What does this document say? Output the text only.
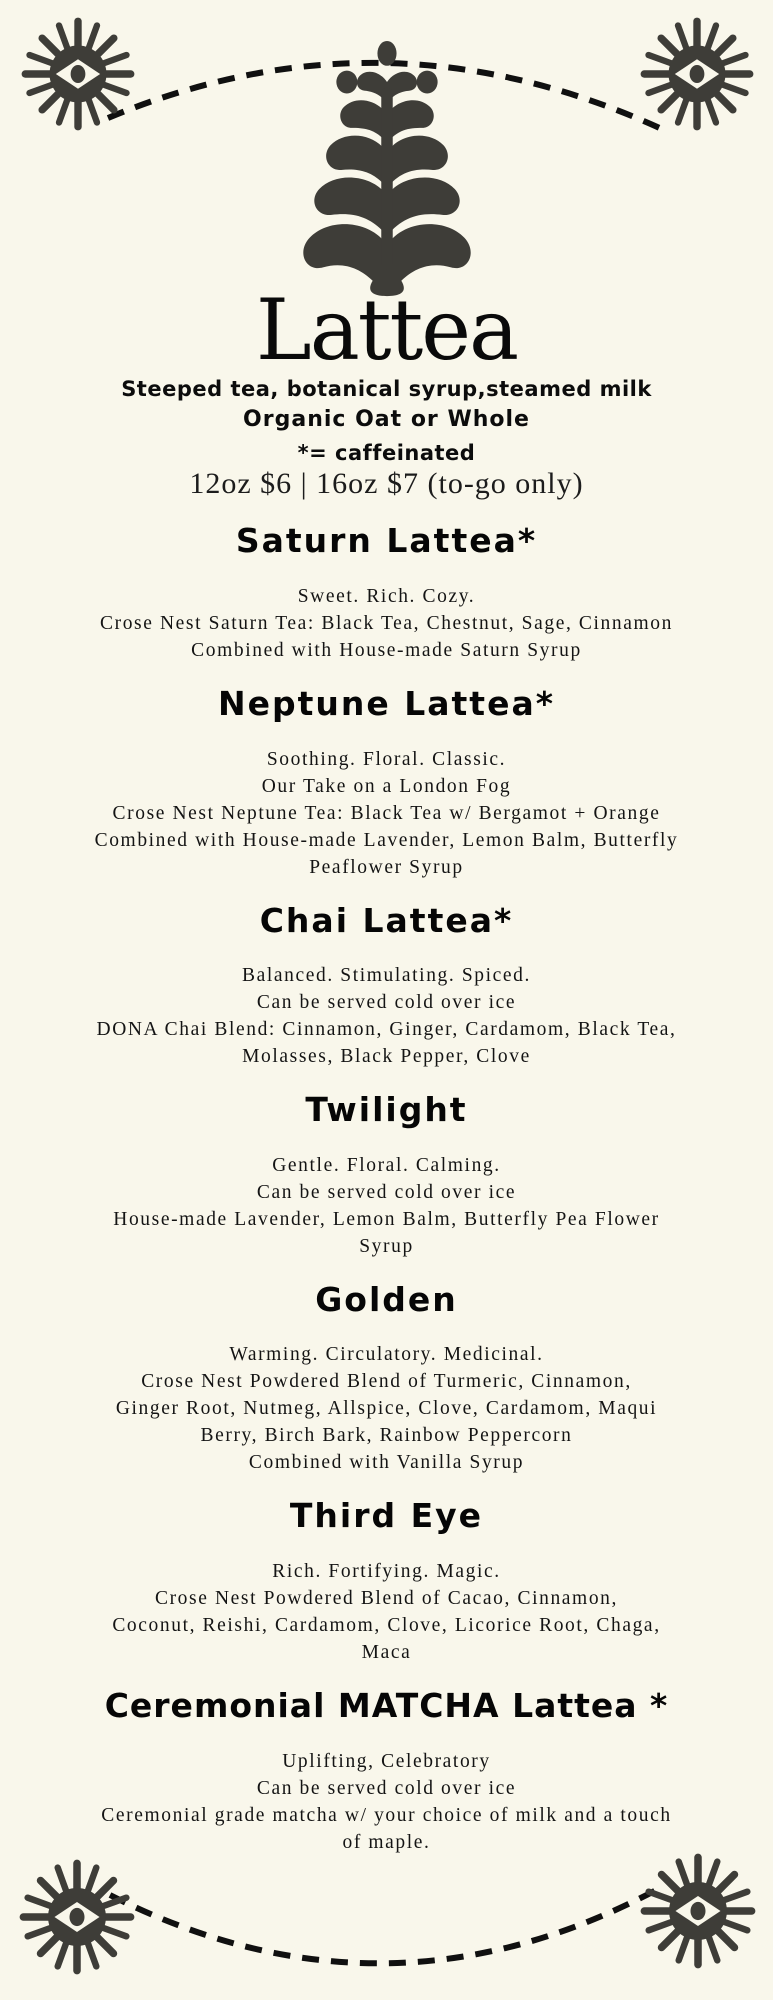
Lattea

Steeped tea, botanical syrup,steamed milk

Organic Oat or Whole

*= caffeinated

12oz $6 | 16oz $7 (to-go only)

Saturn Lattea*

Sweet. Rich. Cozy.

Crose Nest Saturn Tea: Black Tea, Chestnut, Sage, Cinnamon

Combined with House-made Saturn Syrup

Neptune Lattea*

Soothing. Floral. Classic.

Our Take on a London Fog

Crose Nest Neptune Tea: Black Tea w/ Bergamot + Orange

Combined with House-made Lavender, Lemon Balm, Butterfly

Peaflower Syrup

Chai Lattea*

Balanced. Stimulating. Spiced.

Can be served cold over ice

DONA Chai Blend: Cinnamon, Ginger, Cardamom, Black Tea,

Molasses, Black Pepper, Clove

Twilight

Gentle. Floral. Calming.

Can be served cold over ice

House-made Lavender, Lemon Balm, Butterfly Pea Flower

Syrup

Golden

Warming. Circulatory. Medicinal.

Crose Nest Powdered Blend of Turmeric, Cinnamon,

Ginger Root, Nutmeg, Allspice, Clove, Cardamom, Maqui

Berry, Birch Bark, Rainbow Peppercorn

Combined with Vanilla Syrup

Third Eye

Rich. Fortifying. Magic.

Crose Nest Powdered Blend of Cacao, Cinnamon,

Coconut, Reishi, Cardamom, Clove, Licorice Root, Chaga,

Maca

Ceremonial MATCHA Lattea *

Uplifting, Celebratory

Can be served cold over ice

Ceremonial grade matcha w/ your choice of milk and a touch

of maple.
